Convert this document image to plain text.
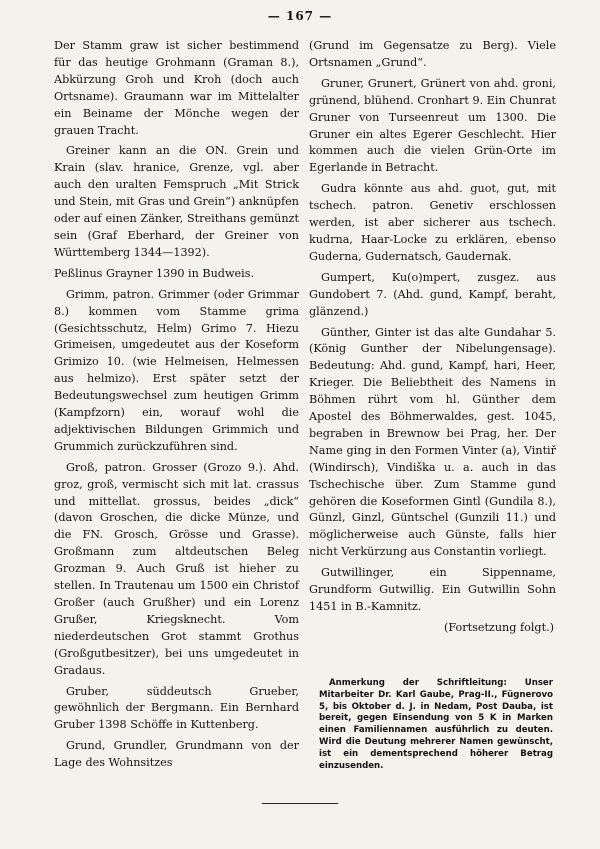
— 167 —

Der Stamm graw ist sicher bestimmend für das heutige Grohmann (Graman 8.), Abkürzung Groh und Kroh (doch auch Ortsname). Graumann war im Mittelalter ein Beiname der Mönche wegen der grauen Tracht.

Greiner kann an die ON. Grein und Krain (slav. hranice, Grenze, vgl. aber auch den uralten Femspruch „Mit Strick und Stein, mit Gras und Grein“) anknüpfen oder auf einen Zänker, Streithans gemünzt sein (Graf Eberhard, der Greiner von Württemberg 1344—1392).

Peßlinus Grayner 1390 in Budweis.

Grimm, patron. Grimmer (oder Grimmar 8.) kommen vom Stamme grima (Gesichtsschutz, Helm) Grimo 7. Hiezu Grimeisen, umgedeutet aus der Koseform Grimizo 10. (wie Helmeisen, Helmessen aus helmizo). Erst später setzt der Bedeutungswechsel zum heutigen Grimm (Kampfzorn) ein, worauf wohl die adjektivischen Bildungen Grimmich und Grummich zurückzuführen sind.

Groß, patron. Grosser (Grozo 9.). Ahd. groz, groß, vermischt sich mit lat. crassus und mittellat. grossus, beides „dick“ (davon Groschen, die dicke Münze, und die FN. Grosch, Grösse und Grasse). Großmann zum altdeutschen Beleg Grozman 9. Auch Gruß ist hieher zu stellen. In Trautenau um 1500 ein Christof Großer (auch Grußher) und ein Lorenz Grußer, Kriegsknecht. Vom niederdeutschen Grot stammt Grothus (Großgutbesitzer), bei uns umgedeutet in Gradaus.

Gruber, süddeutsch Grueber, gewöhnlich der Bergmann. Ein Bernhard Gruber 1398 Schöffe in Kuttenberg.

Grund, Grundler, Grundmann von der Lage des Wohnsitzes

(Grund im Gegensatze zu Berg). Viele Ortsnamen „Grund“.

Gruner, Grunert, Grünert von ahd. groni, grünend, blühend. Cronhart 9. Ein Chunrat Gruner von Turseenreut um 1300. Die Gruner ein altes Egerer Geschlecht. Hier kommen auch die vielen Grün-Orte im Egerlande in Betracht.

Gudra könnte aus ahd. guot, gut, mit tschech. patron. Genetiv erschlossen werden, ist aber sicherer aus tschech. kudrna, Haar-Locke zu erklären, ebenso Guderna, Gudernatsch, Gaudernak.

Gumpert, Ku(o)mpert, zusgez. aus Gundobert 7. (Ahd. gund, Kampf, beraht, glänzend.)

Günther, Ginter ist das alte Gundahar 5. (König Gunther der Nibelungensage). Bedeutung: Ahd. gund, Kampf, hari, Heer, Krieger. Die Beliebtheit des Namens in Böhmen rührt vom hl. Günther dem Apostel des Böhmerwaldes, gest. 1045, begraben in Brewnow bei Prag, her. Der Name ging in den Formen Vinter (a), Vintiř (Windirsch), Vindiška u. a. auch in das Tschechische über. Zum Stamme gund gehören die Koseformen Gintl (Gundila 8.), Günzl, Ginzl, Güntschel (Gunzili 11.) und möglicherweise auch Günste, falls hier nicht Verkürzung aus Constantin vorliegt.

Gutwillinger, ein Sippenname, Grundform Gutwillig. Ein Gutwillin Sohn 1451 in B.-Kamnitz.

(Fortsetzung folgt.)

Anmerkung der Schriftleitung: Unser Mitarbeiter Dr. Karl Gaube, Prag-II., Fügnerovo 5, bis Oktober d. J. in Nedam, Post Dauba, ist bereit, gegen Einsendung von 5 K in Marken einen Familiennamen ausführlich zu deuten. Wird die Deutung mehrerer Namen gewünscht, ist ein dementsprechend höherer Betrag einzusenden.
